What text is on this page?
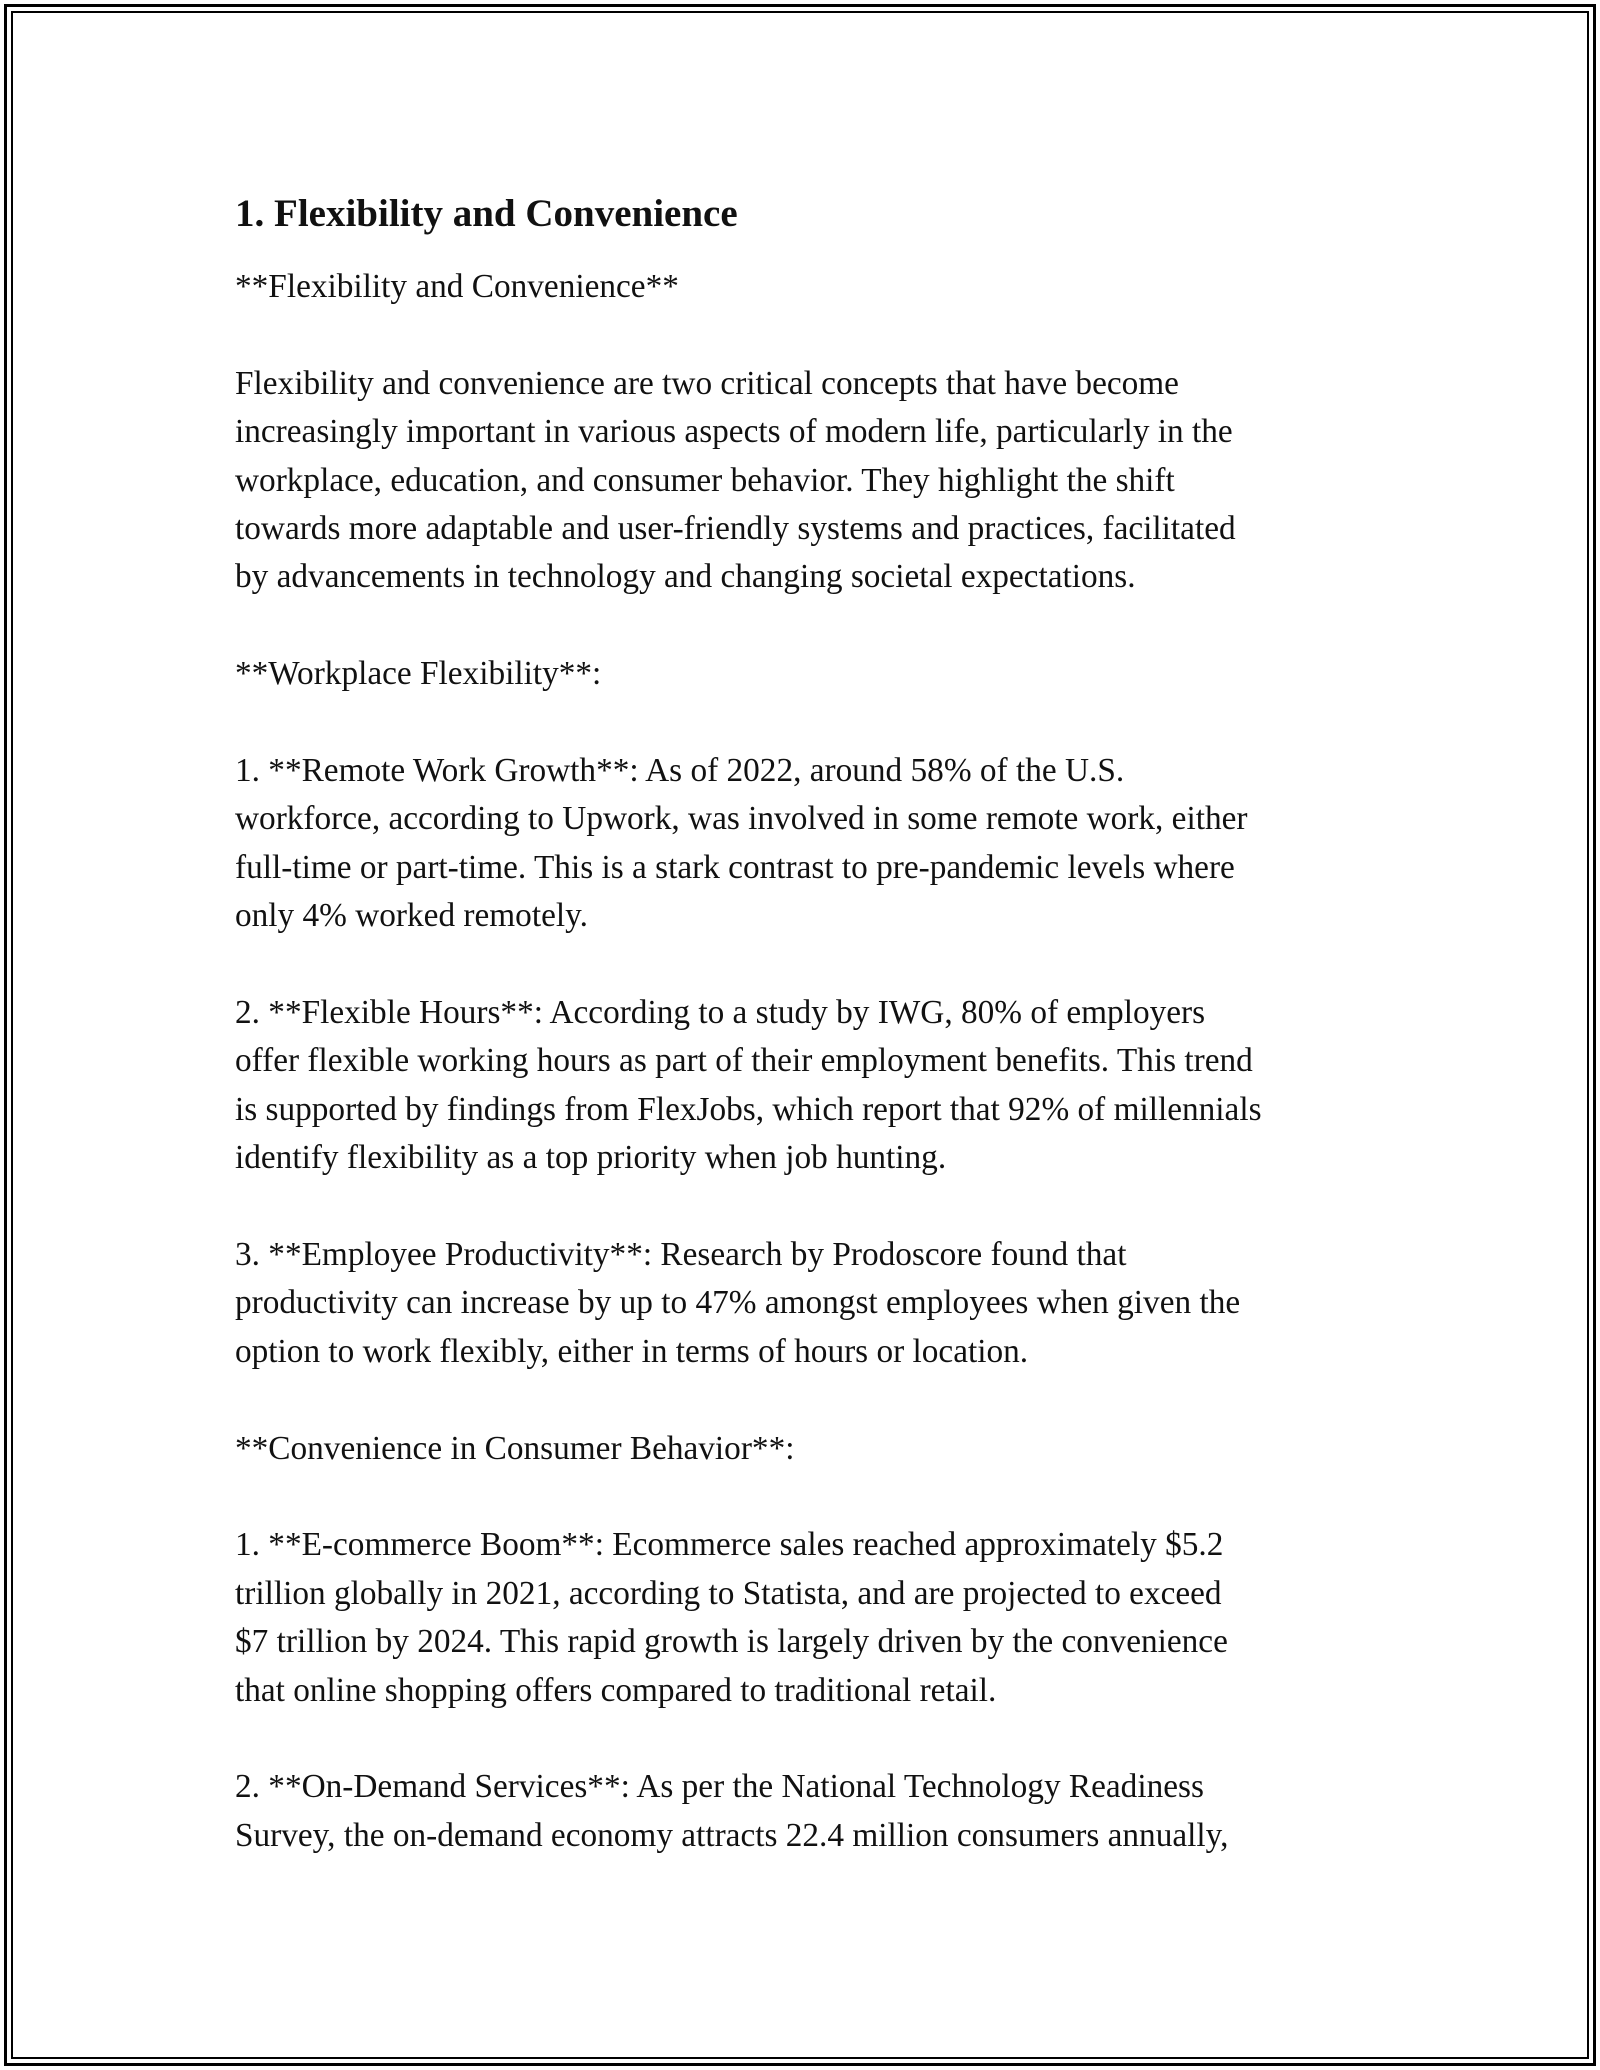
1. Flexibility and Convenience

**Flexibility and Convenience**

Flexibility and convenience are two critical concepts that have become
increasingly important in various aspects of modern life, particularly in the
workplace, education, and consumer behavior. They highlight the shift
towards more adaptable and user-friendly systems and practices, facilitated
by advancements in technology and changing societal expectations.

**Workplace Flexibility**:

1. **Remote Work Growth**: As of 2022, around 58% of the U.S.
workforce, according to Upwork, was involved in some remote work, either
full-time or part-time. This is a stark contrast to pre-pandemic levels where
only 4% worked remotely.

2. **Flexible Hours**: According to a study by IWG, 80% of employers
offer flexible working hours as part of their employment benefits. This trend
is supported by findings from FlexJobs, which report that 92% of millennials
identify flexibility as a top priority when job hunting.

3. **Employee Productivity**: Research by Prodoscore found that
productivity can increase by up to 47% amongst employees when given the
option to work flexibly, either in terms of hours or location.

**Convenience in Consumer Behavior**:

1. **E-commerce Boom**: Ecommerce sales reached approximately $5.2
trillion globally in 2021, according to Statista, and are projected to exceed
$7 trillion by 2024. This rapid growth is largely driven by the convenience
that online shopping offers compared to traditional retail.

2. **On-Demand Services**: As per the National Technology Readiness
Survey, the on-demand economy attracts 22.4 million consumers annually,
